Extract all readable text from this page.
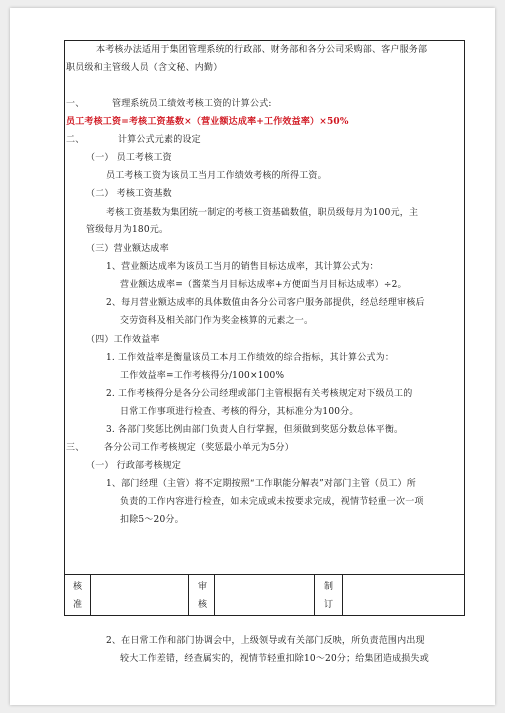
本考核办法适用于集团管理系统的行政部、财务部和各分公司采购部、客户服务部
职员级和主管级人员（含文秘、内勤）
一、	管理系统员工绩效考核工资的计算公式:
员工考核工资=考核工资基数×（营业额达成率+工作效益率）×50%
二、	计算公式元素的设定
（一） 员工考核工资
员工考核工资为该员工当月工作绩效考核的所得工资。
（二） 考核工资基数
考核工资基数为集团统一制定的考核工资基础数值，职员级每月为100元，主
管级每月为180元。
（三）营业额达成率
1、营业额达成率为该员工当月的销售目标达成率，其计算公式为：
营业额达成率=（酱菜当月目标达成率+方便面当月目标达成率）÷2。
2、每月营业额达成率的具体数值由各分公司客户服务部提供，经总经理审核后
交劳资科及相关部门作为奖金核算的元素之一。
（四）工作效益率
1. 工作效益率是衡量该员工本月工作绩效的综合指标，其计算公式为：
工作效益率=工作考核得分/100×100%
2. 工作考核得分是各分公司经理或部门主管根据有关考核规定对下级员工的
日常工作事项进行检查、考核的得分，其标准分为100分。
3. 各部门奖惩比例由部门负责人自行掌握，但须做到奖惩分数总体平衡。
三、 各分公司工作考核规定（奖惩最小单元为5分）
（一） 行政部考核规定
1、部门经理（主管）将不定期按照“工作职能分解表”对部门主管（员工）所
负责的工作内容进行检查，如未完成或未按要求完成，视情节轻重一次一项
扣除5～20分。
核
准
审
核
制
订
2、在日常工作和部门协调会中，上级领导或有关部门反映，所负责范围内出现
较大工作差错，经查属实的，视情节轻重扣除10～20分；给集团造成损失或
